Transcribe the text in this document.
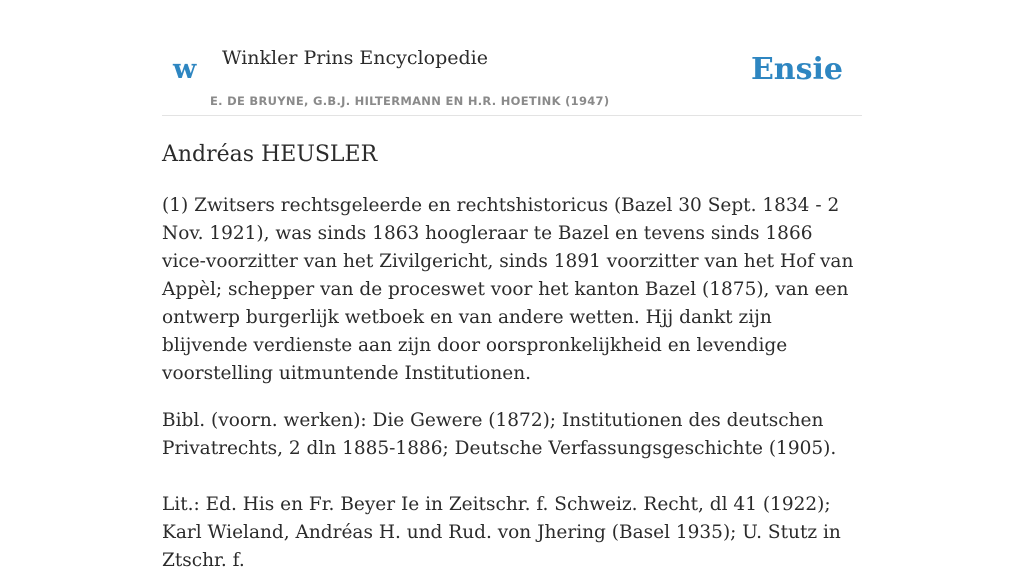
w Winkler Prins Encyclopedie
E. DE BRUYNE, G.B.J. HILTERMANN EN H.R. HOETINK (1947)
Ensie
Andréas HEUSLER

(1) Zwitsers rechtsgeleerde en rechtshistoricus (Bazel 30 Sept. 1834 - 2 Nov. 1921), was sinds 1863 hoogleraar te Bazel en tevens sinds 1866 vice-voorzitter van het Zivilgericht, sinds 1891 voorzitter van het Hof van Appèl; schepper van de proceswet voor het kanton Bazel (1875), van een ontwerp burgerlijk wetboek en van andere wetten. Hjj dankt zijn blijvende verdienste aan zijn door oorspronkelijkheid en levendige voorstelling uitmuntende Institutionen.

Bibl. (voorn. werken): Die Gewere (1872); Institutionen des deutschen Privatrechts, 2 dln 1885-1886; Deutsche Verfassungsgeschichte (1905).

Lit.: Ed. His en Fr. Beyer Ie in Zeitschr. f. Schweiz. Recht, dl 41 (1922); Karl Wieland, Andréas H. und Rud. von Jhering (Basel 1935); U. Stutz in Ztschr. f.
